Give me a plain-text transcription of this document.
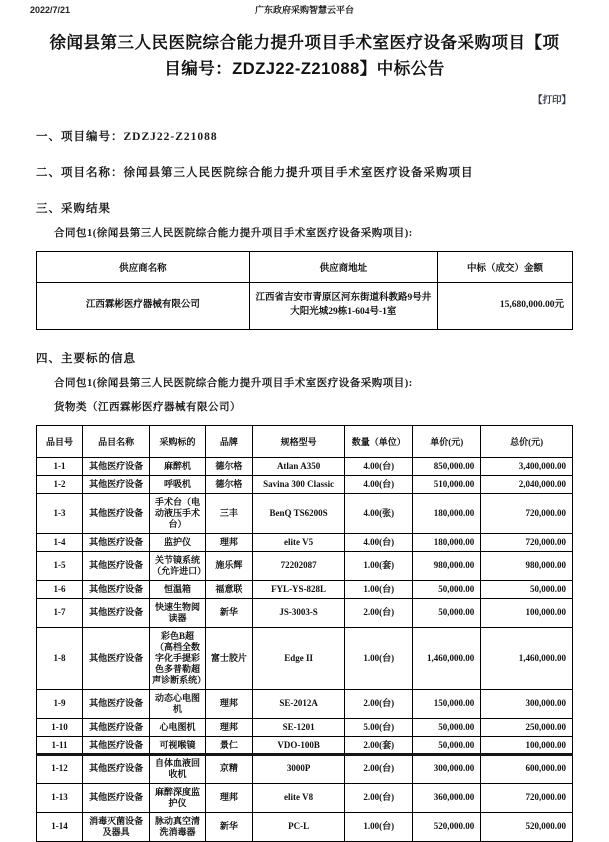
2022/7/21	广东政府采购智慧云平台
徐闻县第三人民医院综合能力提升项目手术室医疗设备采购项目【项目编号：ZDZJ22-Z21088】中标公告
【打印】
一、项目编号：ZDZJ22-Z21088
二、项目名称：徐闻县第三人民医院综合能力提升项目手术室医疗设备采购项目
三、采购结果
合同包1(徐闻县第三人民医院综合能力提升项目手术室医疗设备采购项目):
供应商名称	供应商地址	中标（成交）金额
江西霖彬医疗器械有限公司	江西省吉安市青原区河东街道科教路9号井大阳光城29栋1-604号-1室	15,680,000.00元
四、主要标的信息
合同包1(徐闻县第三人民医院综合能力提升项目手术室医疗设备采购项目):
货物类（江西霖彬医疗器械有限公司）
品目号	品目名称	采购标的	品牌	规格型号	数量（单位）	单价(元)	总价(元)
1-1	其他医疗设备	麻醉机	德尔格	Atlan A350	4.00(台)	850,000.00	3,400,000.00
1-2	其他医疗设备	呼吸机	德尔格	Savina 300 Classic	4.00(台)	510,000.00	2,040,000.00
1-3	其他医疗设备	手术台（电动液压手术台）	三丰	BenQ TS6200S	4.00(张)	180,000.00	720,000.00
1-4	其他医疗设备	监护仪	理邦	elite V5	4.00(台)	180,000.00	720,000.00
1-5	其他医疗设备	关节镜系统（允许进口）	施乐辉	72202087	1.00(套)	980,000.00	980,000.00
1-6	其他医疗设备	恒温箱	福意联	FYL-YS-828L	1.00(台)	50,000.00	50,000.00
1-7	其他医疗设备	快速生物阅读器	新华	JS-3003-S	2.00(台)	50,000.00	100,000.00
1-8	其他医疗设备	彩色B超（高档全数字化手提彩色多普勒超声诊断系统）	富士胶片	Edge II	1.00(台)	1,460,000.00	1,460,000.00
1-9	其他医疗设备	动态心电图机	理邦	SE-2012A	2.00(台)	150,000.00	300,000.00
1-10	其他医疗设备	心电图机	理邦	SE-1201	5.00(台)	50,000.00	250,000.00
1-11	其他医疗设备	可视喉镜	景仁	VDO-100B	2.00(套)	50,000.00	100,000.00
1-12	其他医疗设备	自体血液回收机	京精	3000P	2.00(台)	300,000.00	600,000.00
1-13	其他医疗设备	麻醉深度监护仪	理邦	elite V8	2.00(台)	360,000.00	720,000.00
1-14	消毒灭菌设备及器具	脉动真空清洗消毒器	新华	PC-L	1.00(台)	520,000.00	520,000.00
